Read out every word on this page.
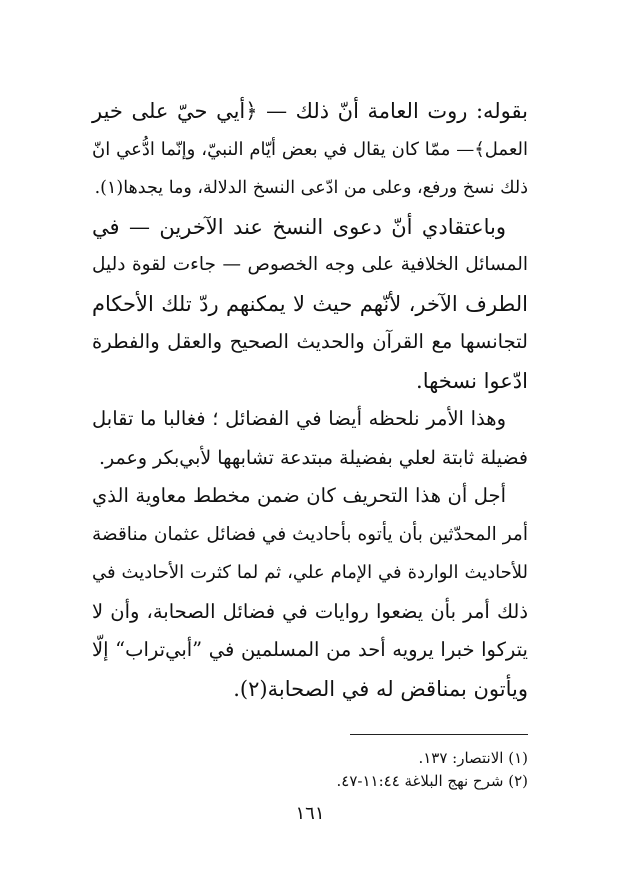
بقوله: روت العامة أنّ ذلك — ﴿أيي حيّ على خير
العمل﴾— ممّا كان يقال في بعض أيّام النبيّ، وإنّما ادُّعي انّ
ذلك نسخ ورفع، وعلى من ادّعى النسخ الدلالة، وما يجدها(١).

وباعتقادي أنّ دعوى النسخ عند الآخرين — في
المسائل الخلافية على وجه الخصوص — جاءت لقوة دليل
الطرف الآخر، لأنّهم حيث لا يمكنهم ردّ تلك الأحكام
لتجانسها مع القرآن والحديث الصحيح والعقل والفطرة
ادّعوا نسخها.

وهذا الأمر نلحظه أيضا في الفضائل ؛ فغالبا ما تقابل
فضيلة ثابتة لعلي بفضيلة مبتدعة تشابهها لأبي‌بكر وعمر.

أجل أن هذا التحريف كان ضمن مخطط معاوية الذي
أمر المحدّثين بأن يأتوه بأحاديث في فضائل عثمان مناقضة
للأحاديث الواردة في الإمام علي، ثم لما كثرت الأحاديث في
ذلك أمر بأن يضعوا روايات في فضائل الصحابة، وأن لا
يتركوا خبرا يرويه أحد من المسلمين في ”أبي‌تراب“ إلّا
ويأتون بمناقض له في الصحابة(٢).

(١) الانتصار: ١٣٧.
(٢) شرح نهج البلاغة ١١:٤٤-٤٧.
١٦١
